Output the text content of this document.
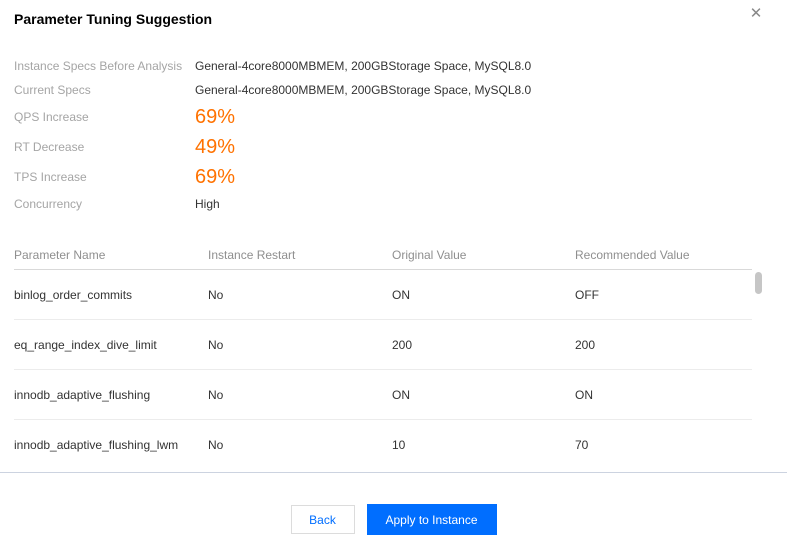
Parameter Tuning Suggestion	✕
Instance Specs Before Analysis	General-4core8000MBMEM, 200GBStorage Space, MySQL8.0
Current Specs	General-4core8000MBMEM, 200GBStorage Space, MySQL8.0
QPS Increase	69%
RT Decrease	49%
TPS Increase	69%
Concurrency	High
Parameter Name	Instance Restart	Original Value	Recommended Value
binlog_order_commits	No	ON	OFF
eq_range_index_dive_limit	No	200	200
innodb_adaptive_flushing	No	ON	ON
innodb_adaptive_flushing_lwm	No	10	70
Back	Apply to Instance
